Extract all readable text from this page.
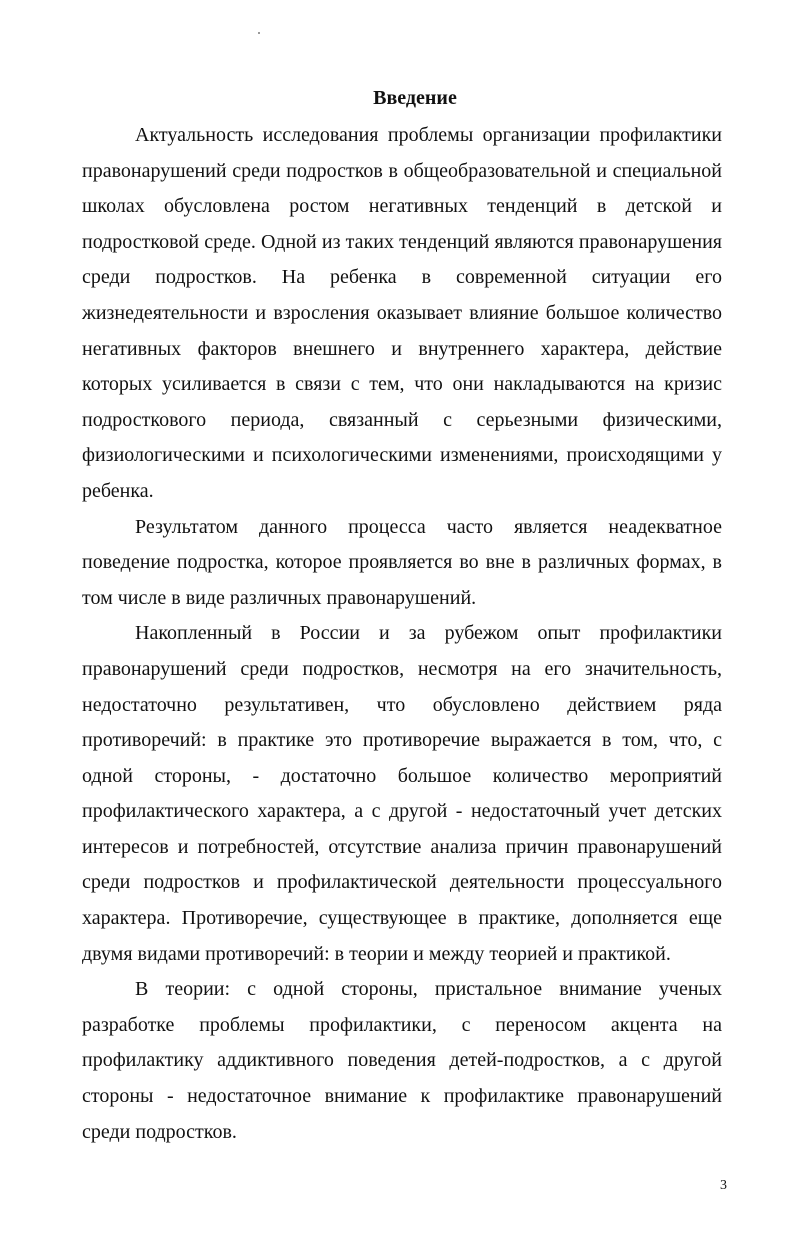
Введение

Актуальность исследования проблемы организации профилактики правонарушений среди подростков в общеобразовательной и специальной школах обусловлена ростом негативных тенденций в детской и подростковой среде. Одной из таких тенденций являются правонарушения среди подростков. На ребенка в современной ситуации его жизнедеятельности и взросления оказывает влияние большое количество негативных факторов внешнего и внутреннего характера, действие которых усиливается в связи с тем, что они накладываются на кризис подросткового периода, связанный с серьезными физическими, физиологическими и психологическими изменениями, происходящими у ребенка.

Результатом данного процесса часто является неадекватное поведение подростка, которое проявляется во вне в различных формах, в том числе в виде различных правонарушений.

Накопленный в России и за рубежом опыт профилактики правонарушений среди подростков, несмотря на его значительность, недостаточно результативен, что обусловлено действием ряда противоречий: в практике это противоречие выражается в том, что, с одной стороны, - достаточно большое количество мероприятий профилактического характера, а с другой - недостаточный учет детских интересов и потребностей, отсутствие анализа причин правонарушений среди подростков и профилактической деятельности процессуального характера. Противоречие, существующее в практике, дополняется еще двумя видами противоречий: в теории и между теорией и практикой.

В теории: с одной стороны, пристальное внимание ученых разработке проблемы профилактики, с переносом акцента на профилактику аддиктивного поведения детей-подростков, а с другой стороны - недостаточное внимание к профилактике правонарушений среди подростков.

3
